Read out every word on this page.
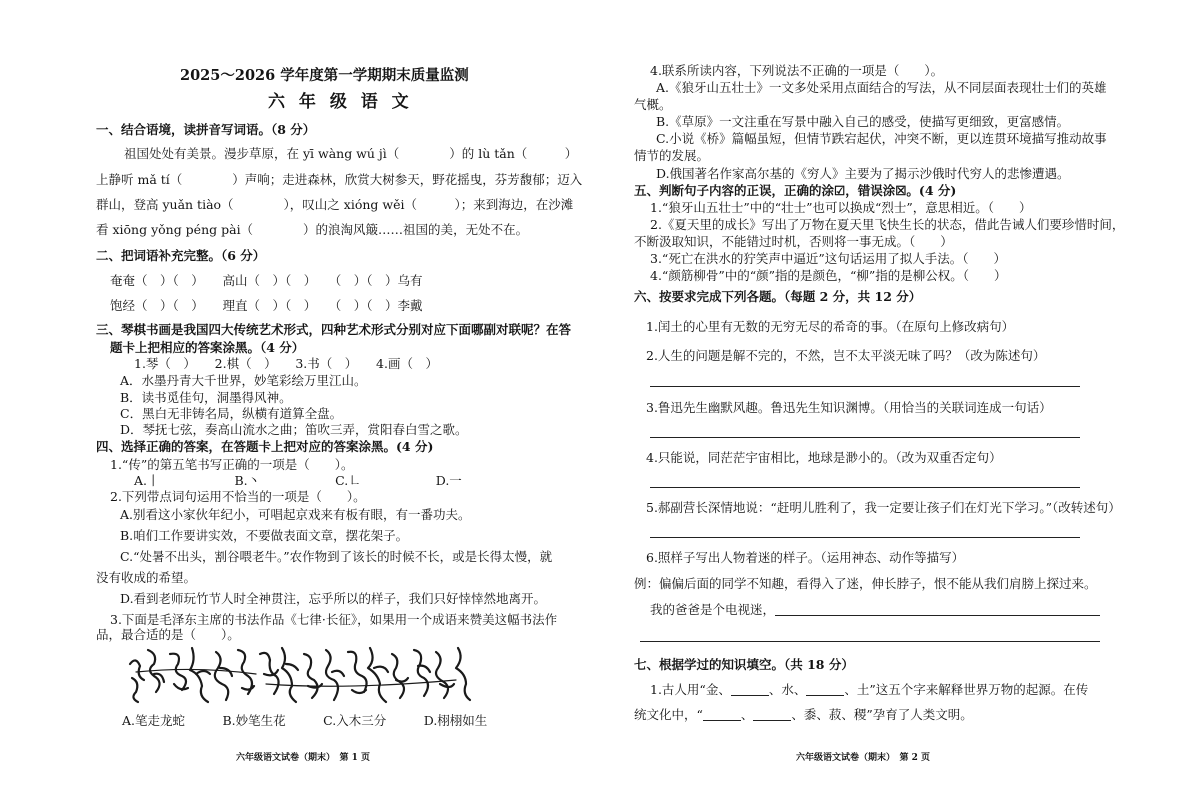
2025～2026 学年度第一学期期末质量监测
六 年 级 语 文
一、结合语境，读拼音写词语。（8 分）
祖国处处有美景。漫步草原，在 yī wàng wú jì（　　　　）的 lù tǎn（　　　）
上静听 mǎ tí（　　　　）声响；走进森林，欣赏大树参天，野花摇曳，芬芳馥郁；迈入
群山，登高 yuǎn tiào（　　　　），叹山之 xióng wěi（　　　）；来到海边，在沙滩
看 xiōng yǒng péng pài（　　　　）的浪淘风簸……祖国的美，无处不在。
二、把词语补充完整。（6 分）
奄奄（　）（　）　　高山（　）（　）　　（　）（　）乌有
饱经（　）（　）　　理直（　）（　）　　（　）（　）李戴
三、琴棋书画是我国四大传统艺术形式，四种艺术形式分别对应下面哪副对联呢？在答
题卡上把相应的答案涂黑。（4 分）
1.琴（　）　　2.棋（　）　　3.书（　）　　4.画（　）
A．水墨丹青大千世界，妙笔彩绘万里江山。
B．读书觅佳句，洞墨得风神。
C．黑白无非铸名局，纵横有道算全盘。
D．琴抚七弦，奏高山流水之曲；笛吹三弄，赏阳春白雪之歌。
四、选择正确的答案，在答题卡上把对应的答案涂黑。(4 分)
1.“传”的第五笔书写正确的一项是（　　）。
A.丨　　　　　　B.丶　　　　　　C.㇗　　　　　　D.一
2.下列带点词句运用不恰当的一项是（　　）。
A.别看这小家伙年纪小，可唱起京戏来有板有眼，有一番功夫。
B.咱们工作要讲实效，不要做表面文章，摆花架子。
C.“处暑不出头，割谷喂老牛。”农作物到了该长的时候不长，或是长得太慢，就
没有收成的希望。
D.看到老师玩竹节人时全神贯注，忘乎所以的样子，我们只好悻悻然地离开。
3.下面是毛泽东主席的书法作品《七律·长征》，如果用一个成语来赞美这幅书法作
品，最合适的是（　　）。
A.笔走龙蛇　　　B.妙笔生花　　　C.入木三分　　　D.栩栩如生
六年级语文试卷（期末）　第 1 页
4.联系所读内容，下列说法不正确的一项是（　　）。
A.《狼牙山五壮士》一文多处采用点面结合的写法，从不同层面表现壮士们的英雄
气概。
B.《草原》一文注重在写景中融入自己的感受，使描写更细致，更富感情。
C.小说《桥》篇幅虽短，但情节跌宕起伏，冲突不断，更以连贯环境描写推动故事
情节的发展。
D.俄国著名作家高尔基的《穷人》主要为了揭示沙俄时代穷人的悲惨遭遇。
五、判断句子内容的正误，正确的涂☑，错误涂☒。(4 分)
1.“狼牙山五壮士”中的“壮士”也可以换成“烈士”，意思相近。（　　）
2.《夏天里的成长》写出了万物在夏天里飞快生长的状态，借此告诫人们要珍惜时间，
不断汲取知识，不能错过时机，否则将一事无成。（　　）
3.“死亡在洪水的狞笑声中逼近”这句话运用了拟人手法。（　　）
4.“颜筋柳骨”中的“颜”指的是颜色，“柳”指的是柳公权。（　　）
六、按要求完成下列各题。（每题 2 分，共 12 分）
1.闰土的心里有无数的无穷无尽的希奇的事。（在原句上修改病句）
2.人生的问题是解不完的，不然，岂不太平淡无味了吗？（改为陈述句）
3.鲁迅先生幽默风趣。鲁迅先生知识渊博。（用恰当的关联词连成一句话）
4.只能说，同茫茫宇宙相比，地球是渺小的。（改为双重否定句）
5.郝副营长深情地说：“赶明儿胜利了，我一定要让孩子们在灯光下学习。”（改转述句）
6.照样子写出人物着迷的样子。（运用神态、动作等描写）
例：偏偏后面的同学不知趣，看得入了迷，伸长脖子，恨不能从我们肩膀上探过来。
我的爸爸是个电视迷，
七、根据学过的知识填空。（共 18 分）
1.古人用“金、	、水、	、土”这五个字来解释世界万物的起源。在传
统文化中，“	、	、黍、菽、稷”孕育了人类文明。
六年级语文试卷（期末）　第 2 页
